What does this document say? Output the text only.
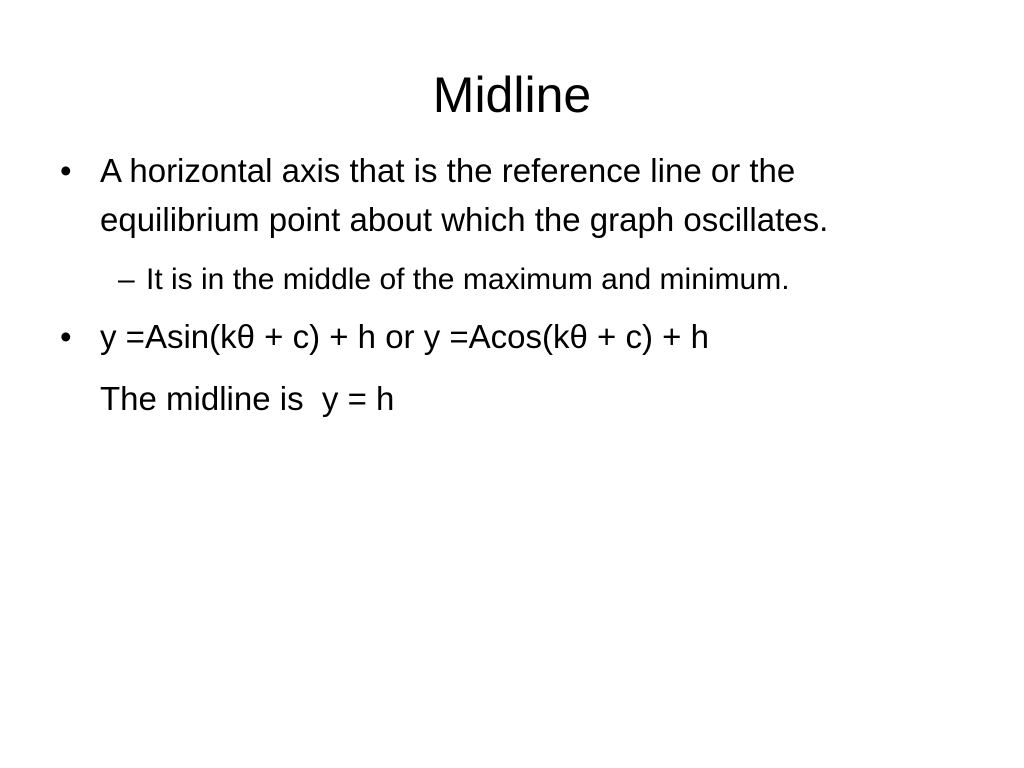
Midline
• A horizontal axis that is the reference line or the equilibrium point about which the graph oscillates.
– It is in the middle of the maximum and minimum.
• y =Asin(kθ + c) + h or y =Acos(kθ + c) + h
The midline is  y = h
